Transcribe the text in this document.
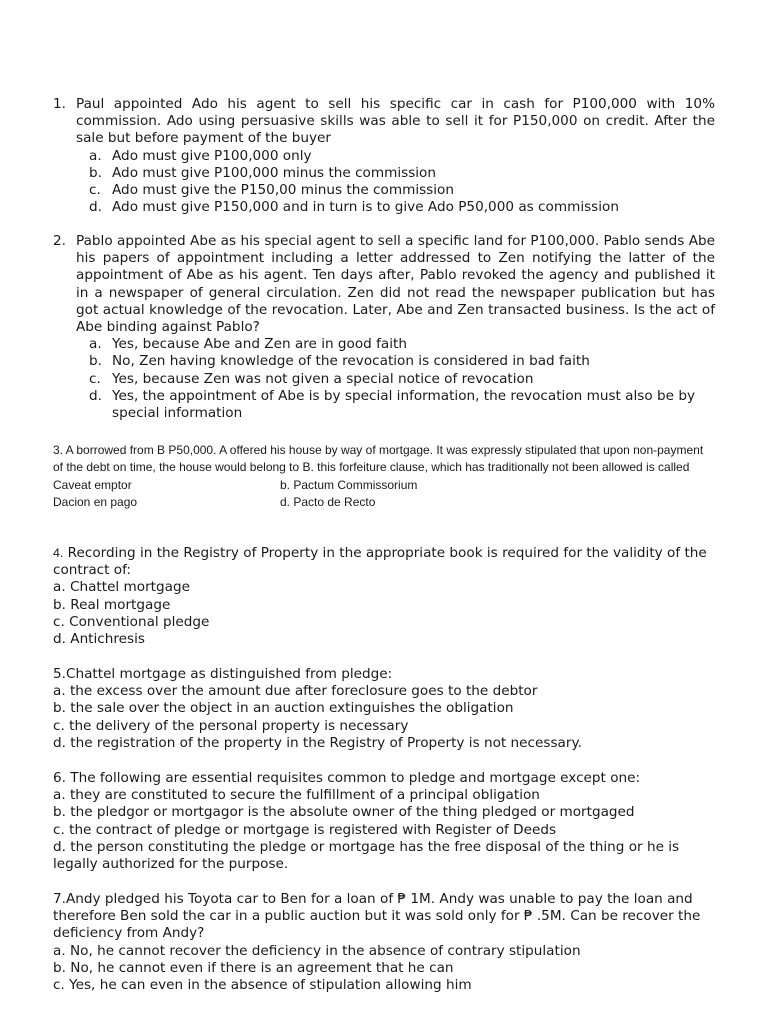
1. Paul appointed Ado his agent to sell his specific car in cash for P100,000 with 10% commission. Ado using persuasive skills was able to sell it for P150,000 on credit. After the sale but before payment of the buyer

a. Ado must give P100,000 only
b. Ado must give P100,000 minus the commission
c. Ado must give the P150,00 minus the commission
d. Ado must give P150,000 and in turn is to give Ado P50,000 as commission

2. Pablo appointed Abe as his special agent to sell a specific land for P100,000. Pablo sends Abe his papers of appointment including a letter addressed to Zen notifying the latter of the appointment of Abe as his agent. Ten days after, Pablo revoked the agency and published it in a newspaper of general circulation. Zen did not read the newspaper publication but has got actual knowledge of the revocation. Later, Abe and Zen transacted business. Is the act of Abe binding against Pablo?

a. Yes, because Abe and Zen are in good faith
b. No, Zen having knowledge of the revocation is considered in bad faith
c. Yes, because Zen was not given a special notice of revocation
d. Yes, the appointment of Abe is by special information, the revocation must also be by special information

3. A borrowed from B P50,000. A offered his house by way of mortgage. It was expressly stipulated that upon non-payment of the debt on time, the house would belong to B. this forfeiture clause, which has traditionally not been allowed is called

Caveat emptor	b. Pactum Commissorium
Dacion en pago	d. Pacto de Recto

4. Recording in the Registry of Property in the appropriate book is required for the validity of the contract of:

a. Chattel mortgage
b. Real mortgage
c. Conventional pledge
d. Antichresis

5.Chattel mortgage as distinguished from pledge:

a. the excess over the amount due after foreclosure goes to the debtor
b. the sale over the object in an auction extinguishes the obligation
c. the delivery of the personal property is necessary
d. the registration of the property in the Registry of Property is not necessary.

6. The following are essential requisites common to pledge and mortgage except one:

a. they are constituted to secure the fulfillment of a principal obligation
b. the pledgor or mortgagor is the absolute owner of the thing pledged or mortgaged
c. the contract of pledge or mortgage is registered with Register of Deeds
d. the person constituting the pledge or mortgage has the free disposal of the thing or he is legally authorized for the purpose.

7.Andy pledged his Toyota car to Ben for a loan of ₱ 1M. Andy was unable to pay the loan and therefore Ben sold the car in a public auction but it was sold only for ₱ .5M. Can be recover the deficiency from Andy?

a. No, he cannot recover the deficiency in the absence of contrary stipulation
b. No, he cannot even if there is an agreement that he can
c. Yes, he can even in the absence of stipulation allowing him
